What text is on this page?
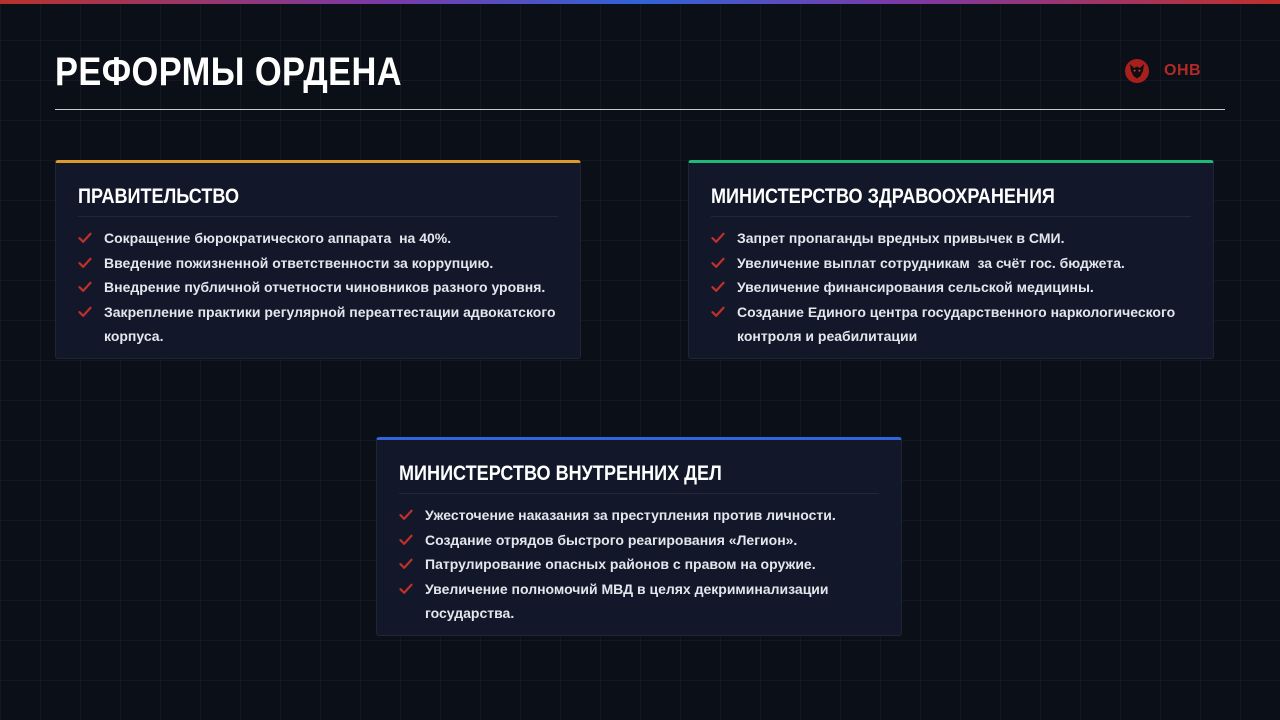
РЕФОРМЫ ОРДЕНА	ОНВ
ПРАВИТЕЛЬСТВО
Сокращение бюрократического аппарата  на 40%.
Введение пожизненной ответственности за коррупцию.
Внедрение публичной отчетности чиновников разного уровня.
Закрепление практики регулярной переаттестации адвокатского корпуса.
МИНИСТЕРСТВО ЗДРАВООХРАНЕНИЯ
Запрет пропаганды вредных привычек в СМИ.
Увеличение выплат сотрудникам  за счёт гос. бюджета.
Увеличение финансирования сельской медицины.
Создание Единого центра государственного наркологического контроля и реабилитации
МИНИСТЕРСТВО ВНУТРЕННИХ ДЕЛ
Ужесточение наказания за преступления против личности.
Создание отрядов быстрого реагирования «Легион».
Патрулирование опасных районов с правом на оружие.
Увеличение полномочий МВД в целях декриминализации государства.
